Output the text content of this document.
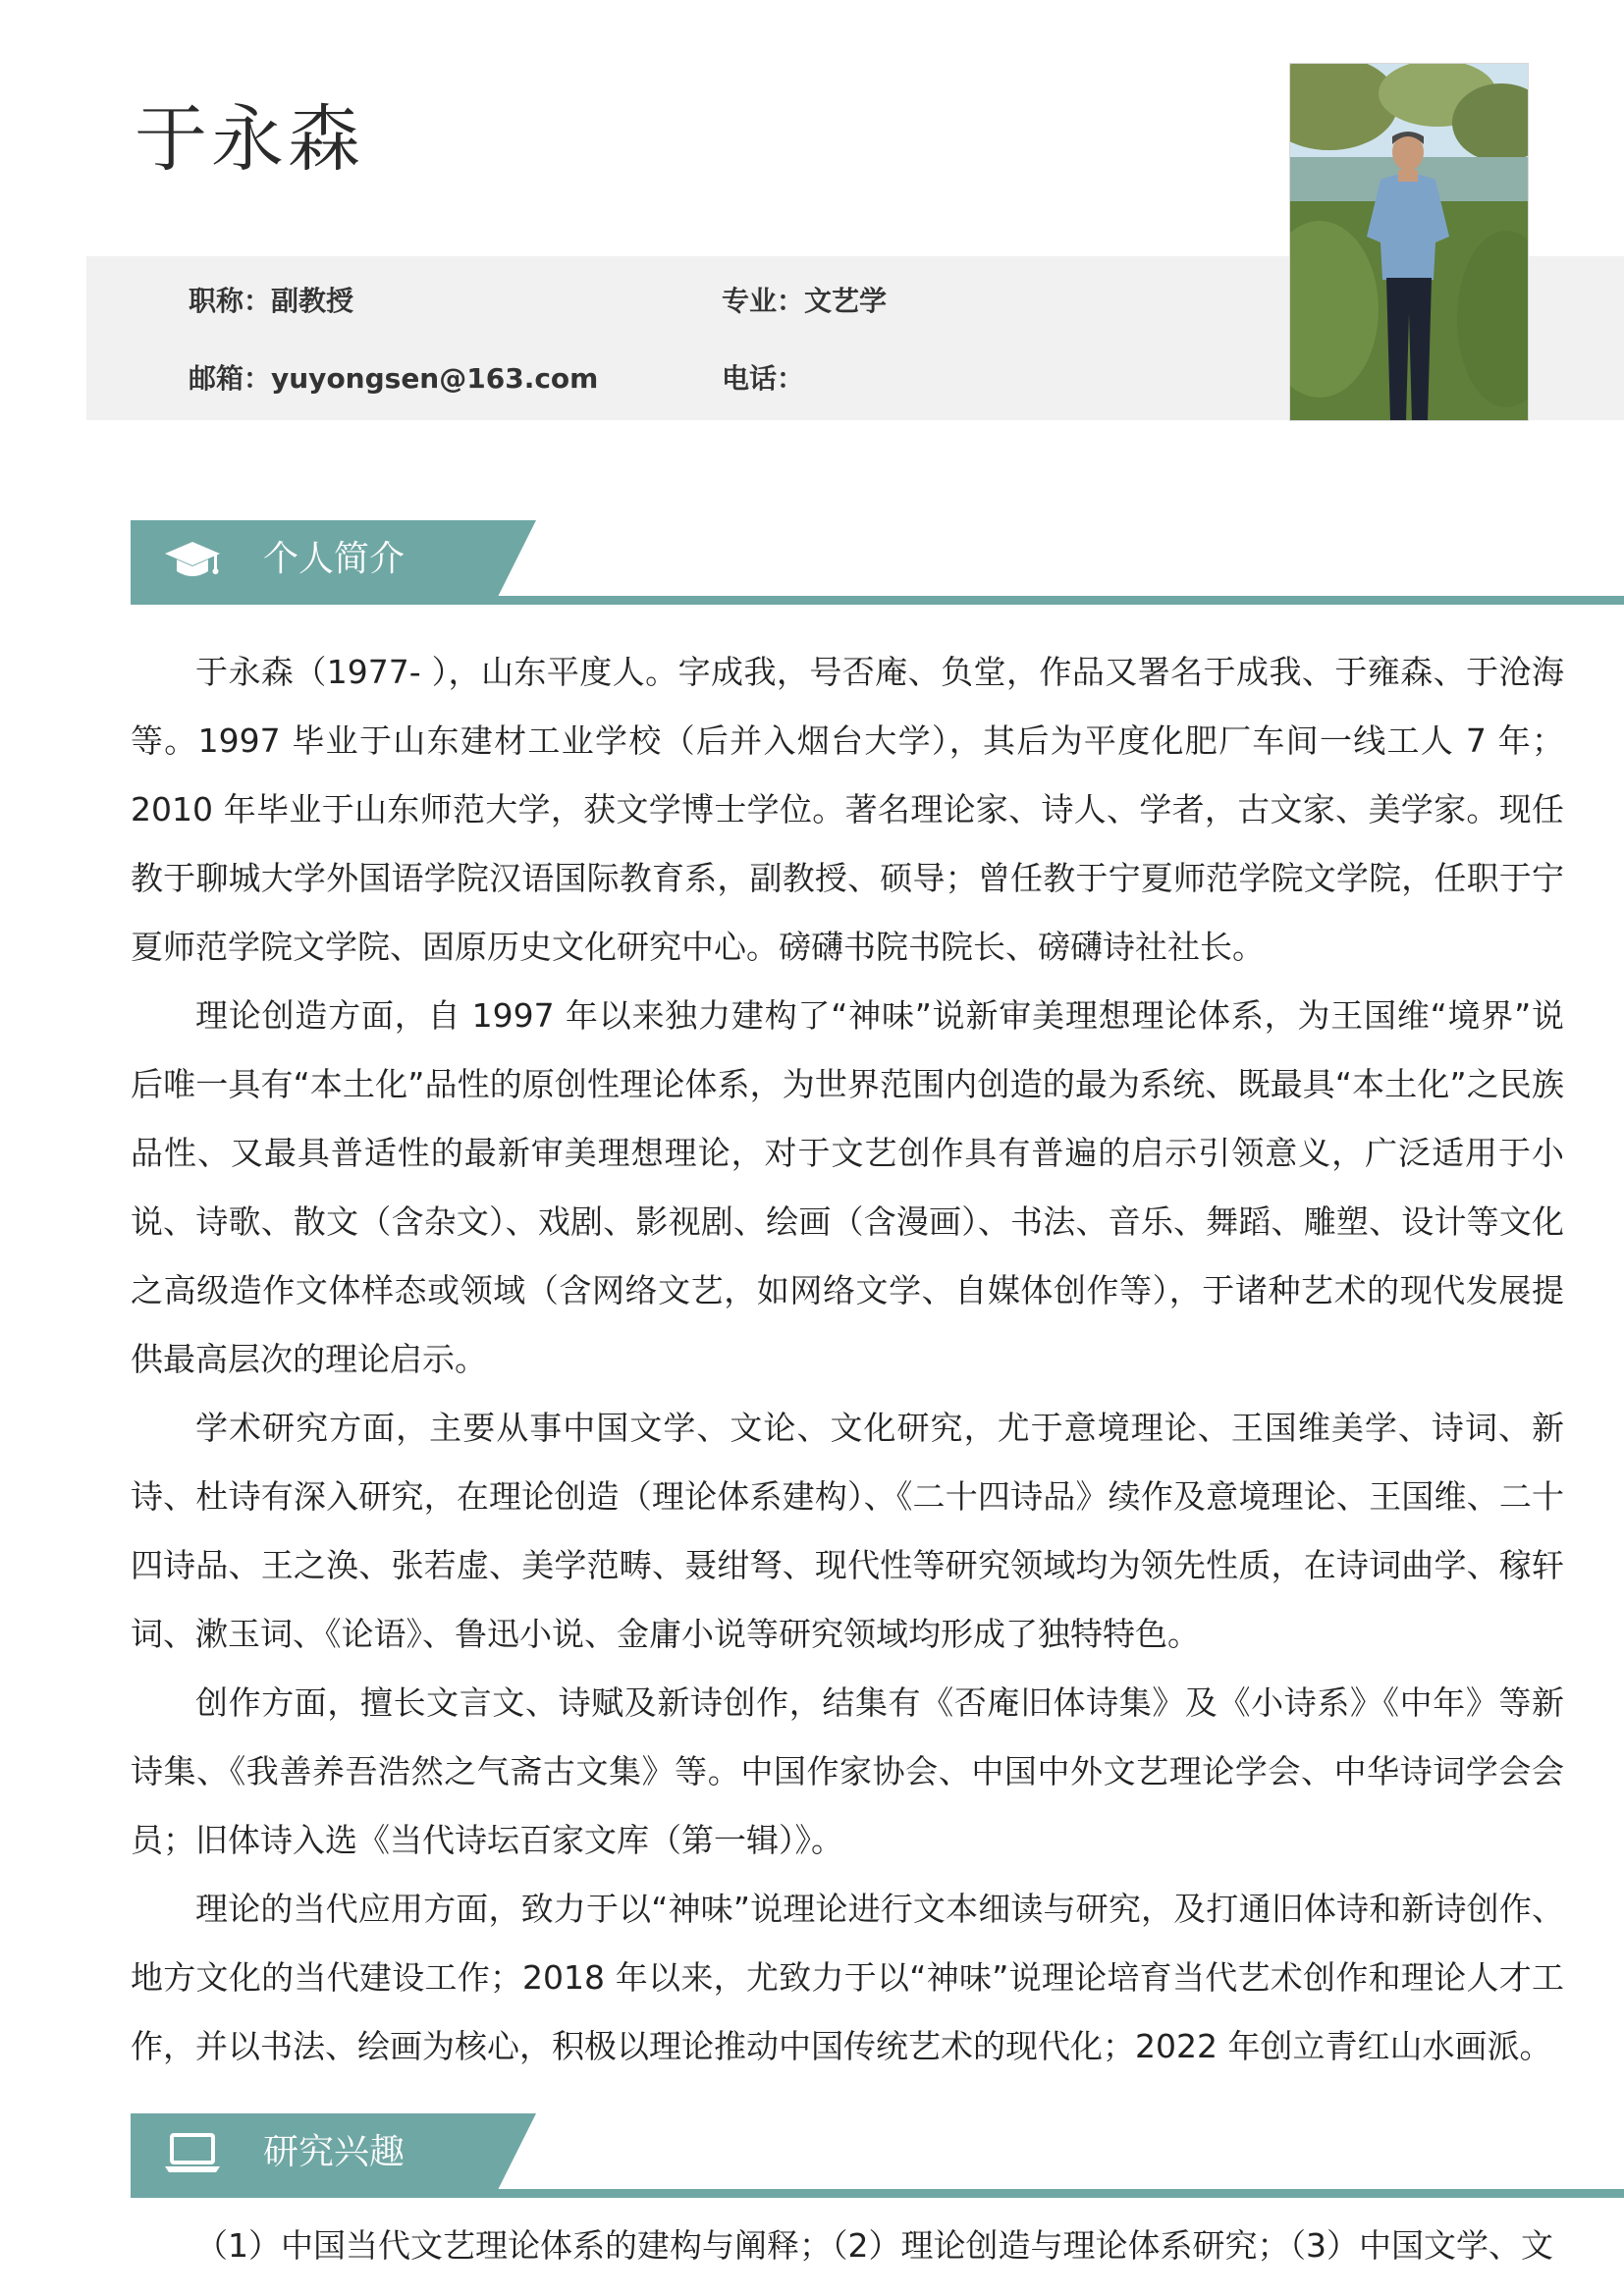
于永森
职称：副教授	专业：文艺学
邮箱：yuyongsen@163.com	电话：
个人简介

于永森（1977- ），山东平度人。字成我，号否庵、负堂，作品又署名于成我、于雍森、于沧海等。1997 毕业于山东建材工业学校（后并入烟台大学），其后为平度化肥厂车间一线工人 7 年；2010 年毕业于山东师范大学，获文学博士学位。著名理论家、诗人、学者，古文家、美学家。现任教于聊城大学外国语学院汉语国际教育系，副教授、硕导；曾任教于宁夏师范学院文学院，任职于宁夏师范学院文学院、固原历史文化研究中心。磅礴书院书院长、磅礴诗社社长。

理论创造方面，自 1997 年以来独力建构了“神味”说新审美理想理论体系，为王国维“境界”说后唯一具有“本土化”品性的原创性理论体系，为世界范围内创造的最为系统、既最具“本土化”之民族品性、又最具普适性的最新审美理想理论，对于文艺创作具有普遍的启示引领意义，广泛适用于小说、诗歌、散文（含杂文）、戏剧、影视剧、绘画（含漫画）、书法、音乐、舞蹈、雕塑、设计等文化之高级造作文体样态或领域（含网络文艺，如网络文学、自媒体创作等），于诸种艺术的现代发展提供最高层次的理论启示。

学术研究方面，主要从事中国文学、文论、文化研究，尤于意境理论、王国维美学、诗词、新诗、杜诗有深入研究，在理论创造（理论体系建构）、《二十四诗品》续作及意境理论、王国维、二十四诗品、王之涣、张若虚、美学范畴、聂绀弩、现代性等研究领域均为领先性质，在诗词曲学、稼轩词、漱玉词、《论语》、鲁迅小说、金庸小说等研究领域均形成了独特特色。

创作方面，擅长文言文、诗赋及新诗创作，结集有《否庵旧体诗集》及《小诗系》《中年》等新诗集、《我善养吾浩然之气斋古文集》等。中国作家协会、中国中外文艺理论学会、中华诗词学会会员；旧体诗入选《当代诗坛百家文库（第一辑）》。

理论的当代应用方面，致力于以“神味”说理论进行文本细读与研究，及打通旧体诗和新诗创作、地方文化的当代建设工作；2018 年以来，尤致力于以“神味”说理论培育当代艺术创作和理论人才工作，并以书法、绘画为核心，积极以理论推动中国传统艺术的现代化；2022 年创立青红山水画派。

研究兴趣

（1）中国当代文艺理论体系的建构与阐释；（2）理论创造与理论体系研究；（3）中国文学、文
